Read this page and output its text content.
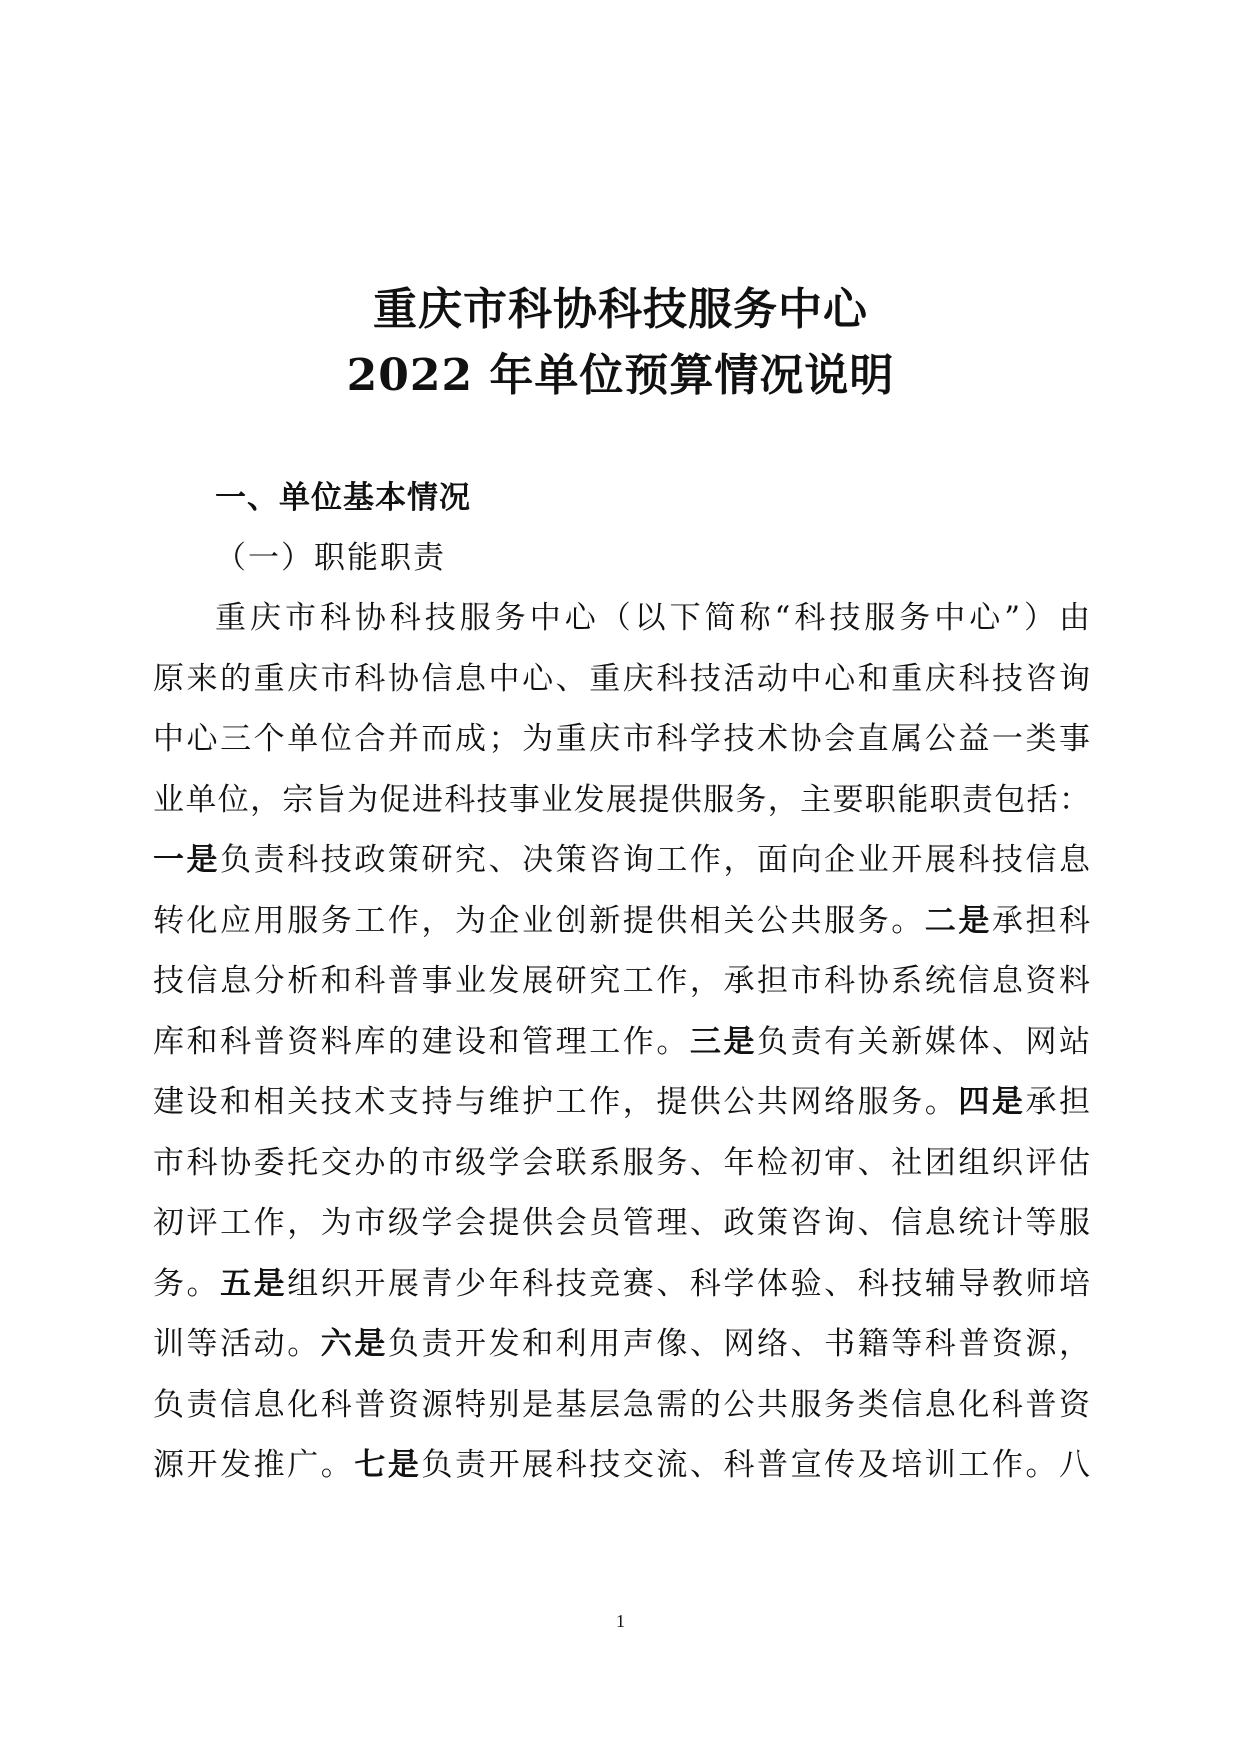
重庆市科协科技服务中心
2022 年单位预算情况说明
一、单位基本情况
（一）职能职责
重庆市科协科技服务中心（以下简称“科技服务中心”）由
原来的重庆市科协信息中心、重庆科技活动中心和重庆科技咨询
中心三个单位合并而成；为重庆市科学技术协会直属公益一类事
业单位，宗旨为促进科技事业发展提供服务，主要职能职责包括：
一是负责科技政策研究、决策咨询工作，面向企业开展科技信息
转化应用服务工作，为企业创新提供相关公共服务。二是承担科
技信息分析和科普事业发展研究工作，承担市科协系统信息资料
库和科普资料库的建设和管理工作。三是负责有关新媒体、网站
建设和相关技术支持与维护工作，提供公共网络服务。四是承担
市科协委托交办的市级学会联系服务、年检初审、社团组织评估
初评工作，为市级学会提供会员管理、政策咨询、信息统计等服
务。五是组织开展青少年科技竞赛、科学体验、科技辅导教师培
训等活动。六是负责开发和利用声像、网络、书籍等科普资源，
负责信息化科普资源特别是基层急需的公共服务类信息化科普资
源开发推广。七是负责开展科技交流、科普宣传及培训工作。八
1
